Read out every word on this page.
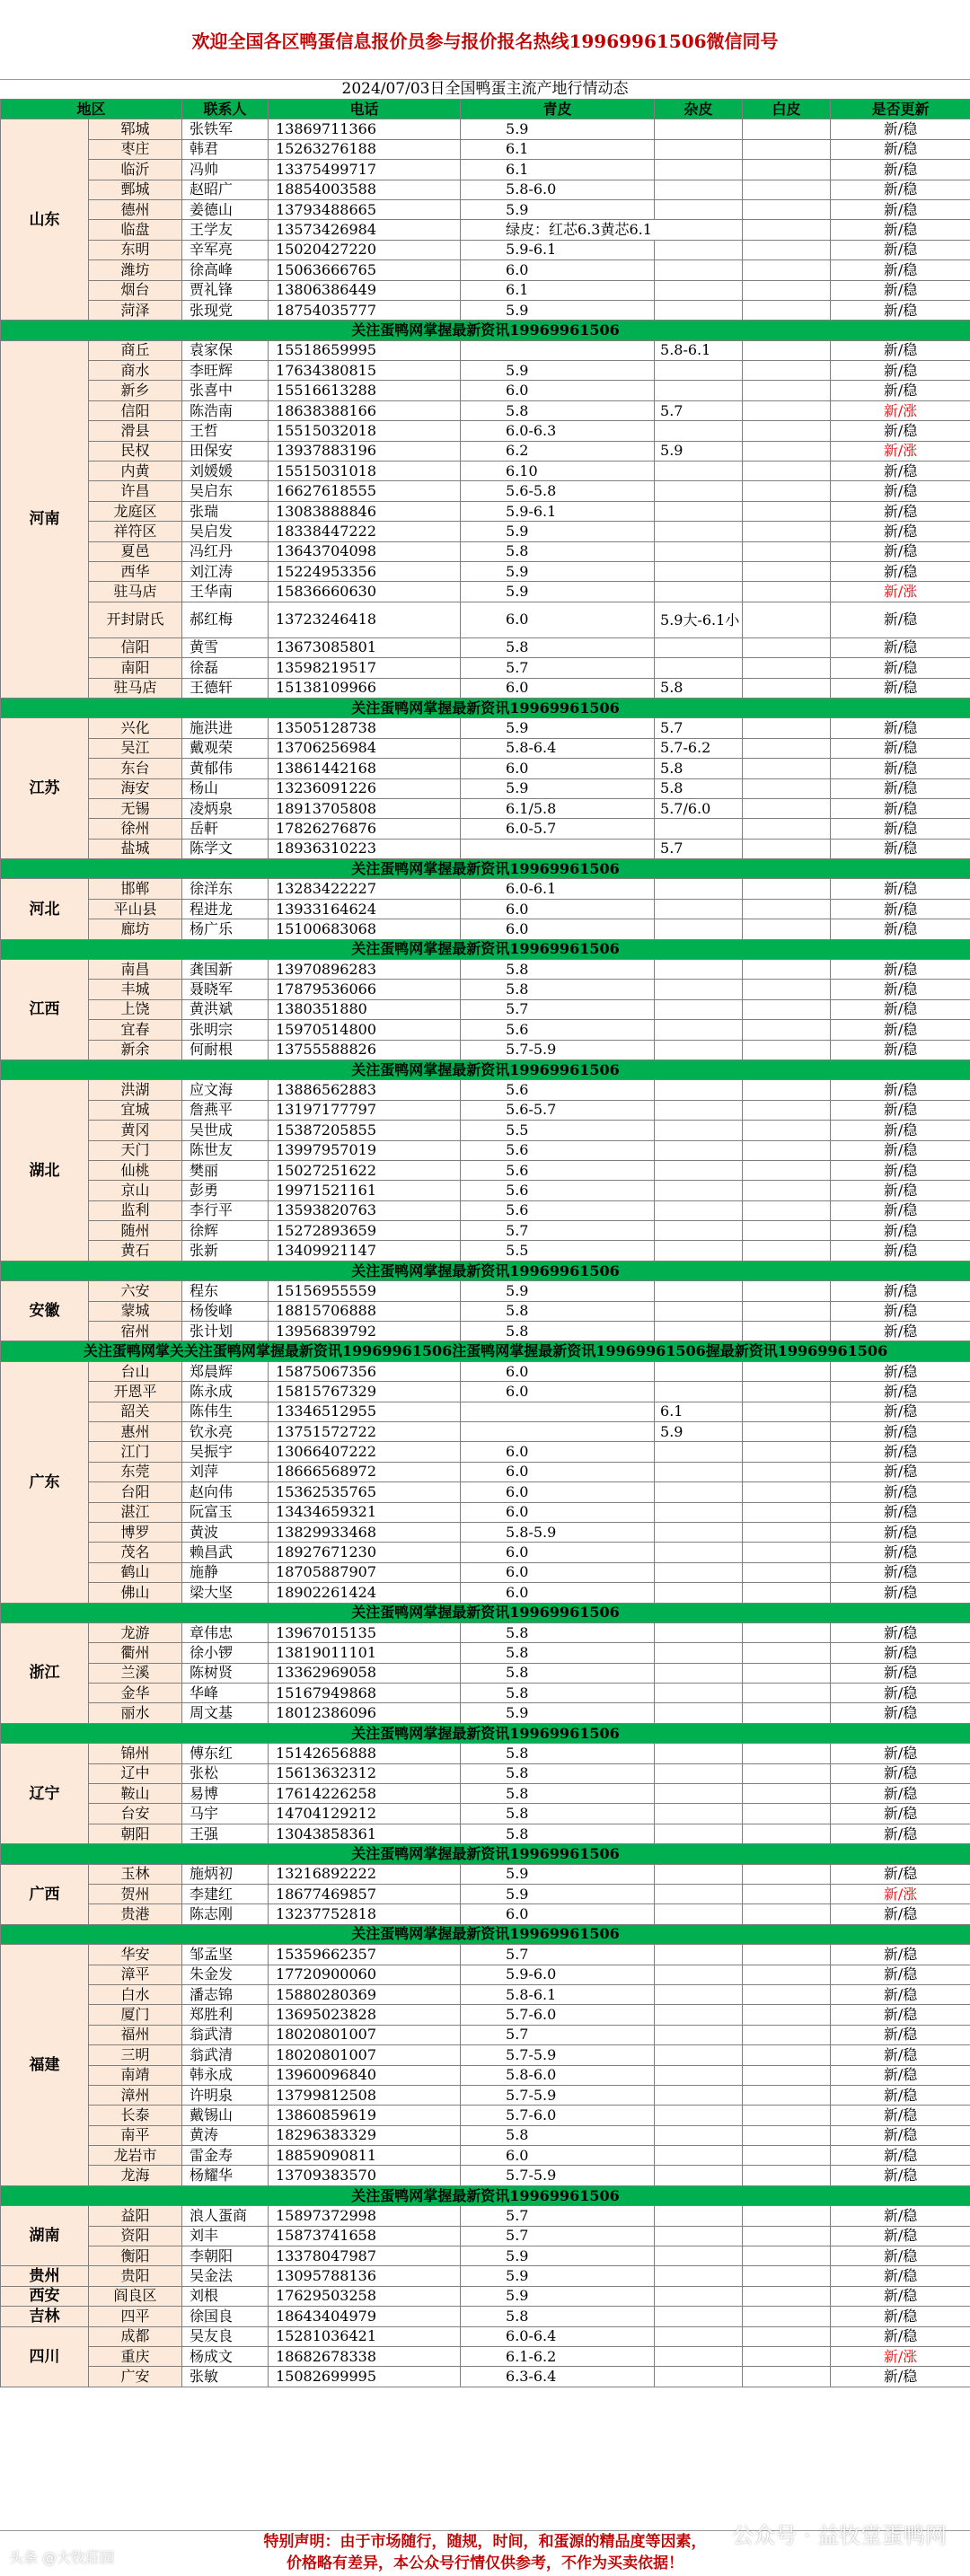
欢迎全国各区鸭蛋信息报价员参与报价报名热线19969961506微信同号
2024/07/03日全国鸭蛋主流产地行情动态
地区		联系人	电话	青皮	杂皮	白皮	是否更新
山东	郓城	张铁军	13869711366	5.9			新/稳
	枣庄	韩君	15263276188	6.1			新/稳
	临沂	冯帅	13375499717	6.1			新/稳
	鄄城	赵昭广	18854003588	5.8-6.0			新/稳
	德州	姜德山	13793488665	5.9			新/稳
	临盘	王学友	13573426984	绿皮：红芯6.3黄芯6.1			新/稳
	东明	辛军亮	15020427220	5.9-6.1			新/稳
	潍坊	徐高峰	15063666765	6.0			新/稳
	烟台	贾礼锋	13806386449	6.1			新/稳
	菏泽	张现党	18754035777	5.9			新/稳
关注蛋鸭网掌握最新资讯19969961506							
河南	商丘	袁家保	15518659995		5.8-6.1		新/稳
	商水	李旺辉	17634380815	5.9			新/稳
	新乡	张喜中	15516613288	6.0			新/稳
	信阳	陈浩南	18638388166	5.8	5.7		新/涨
	滑县	王哲	15515032018	6.0-6.3			新/稳
	民权	田保安	13937883196	6.2	5.9		新/涨
	内黄	刘媛媛	15515031018	6.10			新/稳
	许昌	吴启东	16627618555	5.6-5.8			新/稳
	龙庭区	张瑞	13083888846	5.9-6.1			新/稳
	祥符区	吴启发	18338447222	5.9			新/稳
	夏邑	冯红丹	13643704098	5.8			新/稳
	西华	刘江涛	15224953356	5.9			新/稳
	驻马店	王华南	15836660630	5.9			新/涨
	开封尉氏	郝红梅	13723246418	6.0	5.9大-6.1小		新/稳
	信阳	黄雪	13673085801	5.8			新/稳
	南阳	徐磊	13598219517	5.7			新/稳
	驻马店	王德轩	15138109966	6.0	5.8		新/稳
关注蛋鸭网掌握最新资讯19969961506							
江苏	兴化	施洪进	13505128738	5.9	5.7		新/稳
	吴江	戴观荣	13706256984	5.8-6.4	5.7-6.2		新/稳
	东台	黄郁伟	13861442168	6.0	5.8		新/稳
	海安	杨山	13236091226	5.9	5.8		新/稳
	无锡	凌炳泉	18913705808	6.1/5.8	5.7/6.0		新/稳
	徐州	岳軒	17826276876	6.0-5.7			新/稳
	盐城	陈学文	18936310223		5.7		新/稳
关注蛋鸭网掌握最新资讯19969961506							
河北	邯郸	徐洋东	13283422227	6.0-6.1			新/稳
	平山县	程进龙	13933164624	6.0			新/稳
	廊坊	杨广乐	15100683068	6.0			新/稳
关注蛋鸭网掌握最新资讯19969961506							
江西	南昌	龚国新	13970896283	5.8			新/稳
	丰城	聂晓军	17879536066	5.8			新/稳
	上饶	黄洪斌	1380351880	5.7			新/稳
	宜春	张明宗	15970514800	5.6			新/稳
	新余	何耐根	13755588826	5.7-5.9			新/稳
关注蛋鸭网掌握最新资讯19969961506							
湖北	洪湖	应文海	13886562883	5.6			新/稳
	宜城	詹燕平	13197177797	5.6-5.7			新/稳
	黄冈	吴世成	15387205855	5.5			新/稳
	天门	陈世友	13997957019	5.6			新/稳
	仙桃	樊丽	15027251622	5.6			新/稳
	京山	彭勇	19971521161	5.6			新/稳
	监利	李行平	13593820763	5.6			新/稳
	随州	徐辉	15272893659	5.7			新/稳
	黄石	张新	13409921147	5.5			新/稳
关注蛋鸭网掌握最新资讯19969961506							
安徽	六安	程东	15156955559	5.9			新/稳
	蒙城	杨俊峰	18815706888	5.8			新/稳
	宿州	张计划	13956839792	5.8			新/稳
关注蛋鸭网掌关关注蛋鸭网掌握最新资讯19969961506注蛋鸭网掌握最新资讯19969961506握最新资讯19969961506							
广东	台山	郑晨辉	15875067356	6.0			新/稳
	开恩平	陈永成	15815767329	6.0			新/稳
	韶关	陈伟生	13346512955		6.1		新/稳
	惠州	钦永亮	13751572722		5.9		新/稳
	江门	吴振宇	13066407222	6.0			新/稳
	东莞	刘萍	18666568972	6.0			新/稳
	台阳	赵向伟	15362535765	6.0			新/稳
	湛江	阮富玉	13434659321	6.0			新/稳
	博罗	黄波	13829933468	5.8-5.9			新/稳
	茂名	赖昌武	18927671230	6.0			新/稳
	鹤山	施静	18705887907	6.0			新/稳
	佛山	梁大坚	18902261424	6.0			新/稳
关注蛋鸭网掌握最新资讯19969961506							
浙江	龙游	章伟忠	13967015135	5.8			新/稳
	衢州	徐小锣	13819011101	5.8			新/稳
	兰溪	陈树贤	13362969058	5.8			新/稳
	金华	华峰	15167949868	5.8			新/稳
	丽水	周文基	18012386096	5.9			新/稳
关注蛋鸭网掌握最新资讯19969961506							
辽宁	锦州	傅东红	15142656888	5.8			新/稳
	辽中	张松	15613632312	5.8			新/稳
	鞍山	易博	17614226258	5.8			新/稳
	台安	马宇	14704129212	5.8			新/稳
	朝阳	王强	13043858361	5.8			新/稳
关注蛋鸭网掌握最新资讯19969961506							
广西	玉林	施炳初	13216892222	5.9			新/稳
	贺州	李建红	18677469857	5.9			新/涨
	贵港	陈志刚	13237752818	6.0			新/稳
关注蛋鸭网掌握最新资讯19969961506							
福建	华安	邹孟坚	15359662357	5.7			新/稳
	漳平	朱金发	17720900060	5.9-6.0			新/稳
	白水	潘志锦	15880280369	5.8-6.1			新/稳
	厦门	郑胜利	13695023828	5.7-6.0			新/稳
	福州	翁武清	18020801007	5.7			新/稳
	三明	翁武清	18020801007	5.7-5.9			新/稳
	南靖	韩永成	13960096840	5.8-6.0			新/稳
	漳州	许明泉	13799812508	5.7-5.9			新/稳
	长泰	戴锡山	13860859619	5.7-6.0			新/稳
	南平	黄涛	18296383329	5.8			新/稳
	龙岩市	雷金寿	18859090811	6.0			新/稳
	龙海	杨耀华	13709383570	5.7-5.9			新/稳
关注蛋鸭网掌握最新资讯19969961506							
湖南	益阳	浪人蛋商	15897372998	5.7			新/稳
	资阳	刘丰	15873741658	5.7			新/稳
	衡阳	李朝阳	13378047987	5.9			新/稳
贵州	贵阳	吴金法	13095788136	5.9			新/稳
西安	阎良区	刘根	17629503258	5.9			新/稳
吉林	四平	徐国良	18643404979	5.8			新/稳
四川	成都	吴友良	15281036421	6.0-6.4			新/稳
	重庆	杨成文	18682678338	6.1-6.2			新/涨
	广安	张敏	15082699995	6.3-6.4			新/稳
特别声明：由于市场随行，随规，时间，和蛋源的精品度等因素，
价格略有差异，本公众号行情仅供参考，不作为买卖依据！
头条 @大牧莊园
公众号 · 益牧堂蛋鸭网
